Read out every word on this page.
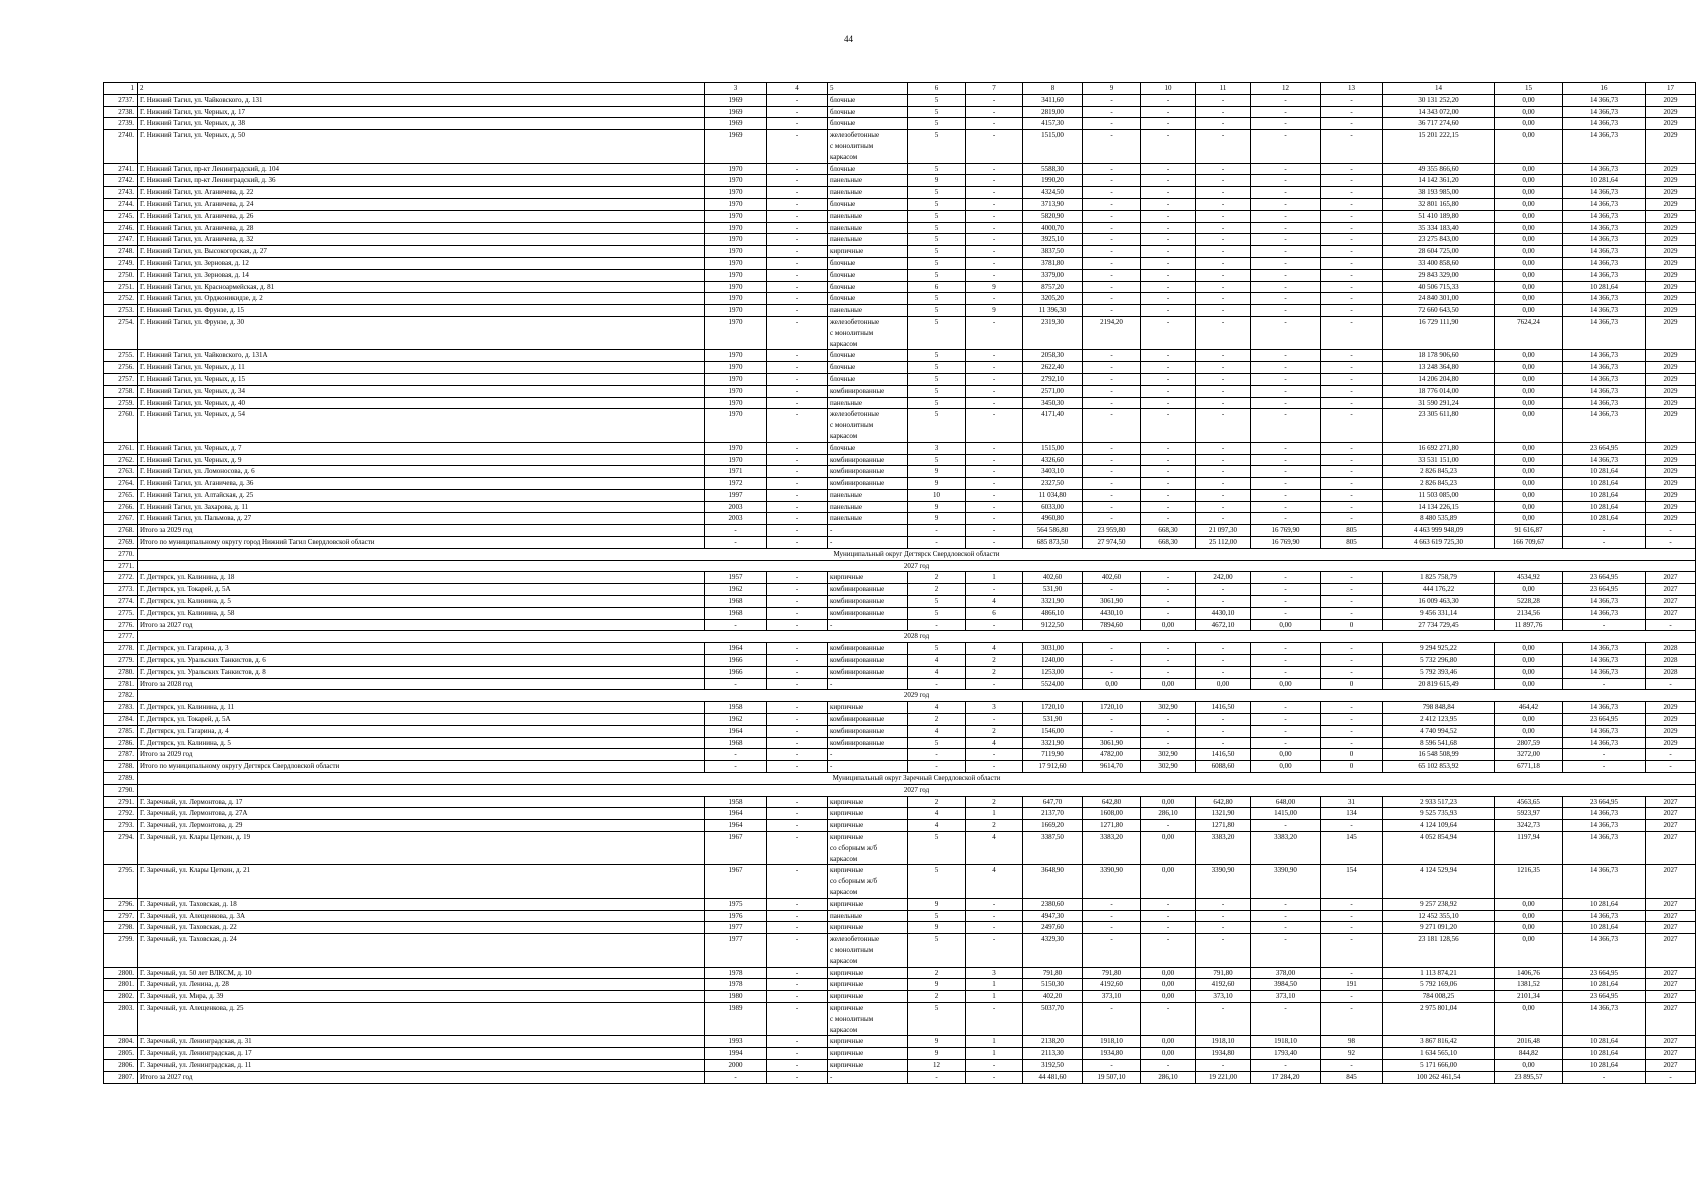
44
1	2	3	4	5	6	7	8	9	10	11	12	13	14	15	16	17
2737.	Г. Нижний Тагил, ул. Чайковского, д. 131	1969	-	блочные	5	-	3411,60	-	-	-	-	-	30 131 252,20	0,00	14 366,73	2029
2738.	Г. Нижний Тагил, ул. Черных, д. 17	1969	-	блочные	5	-	2819,00	-	-	-	-	-	14 343 072,00	0,00	14 366,73	2029
2739.	Г. Нижний Тагил, ул. Черных, д. 38	1969	-	блочные	5	-	4157,30	-	-	-	-	-	36 717 274,60	0,00	14 366,73	2029
2740.	Г. Нижний Тагил, ул. Черных, д. 50	1969	-	железобетонные
с монолитным
каркасом	5	-	1515,00	-	-	-	-	-	15 201 222,15	0,00	14 366,73	2029
2741.	Г. Нижний Тагил, пр-кт Ленинградский, д. 104	1970	-	блочные	5	-	5588,30	-	-	-	-	-	49 355 866,60	0,00	14 366,73	2029
2742.	Г. Нижний Тагил, пр-кт Ленинградский, д. 36	1970	-	панельные	9	-	1990,20	-	-	-	-	-	14 142 361,20	0,00	10 281,64	2029
2743.	Г. Нижний Тагил, ул. Аганичева, д. 22	1970	-	панельные	5	-	4324,50	-	-	-	-	-	38 193 985,00	0,00	14 366,73	2029
2744.	Г. Нижний Тагил, ул. Аганичева, д. 24	1970	-	блочные	5	-	3713,90	-	-	-	-	-	32 801 165,80	0,00	14 366,73	2029
2745.	Г. Нижний Тагил, ул. Аганичева, д. 26	1970	-	панельные	5	-	5820,90	-	-	-	-	-	51 410 189,80	0,00	14 366,73	2029
2746.	Г. Нижний Тагил, ул. Аганичева, д. 28	1970	-	панельные	5	-	4000,70	-	-	-	-	-	35 334 183,40	0,00	14 366,73	2029
2747.	Г. Нижний Тагил, ул. Аганичева, д. 32	1970	-	панельные	5	-	3925,10	-	-	-	-	-	23 275 843,00	0,00	14 366,73	2029
2748.	Г. Нижний Тагил, ул. Высокогорская, д. 27	1970	-	кирпичные	5	-	3837,50	-	-	-	-	-	28 604 725,00	0,00	14 366,73	2029
2749.	Г. Нижний Тагил, ул. Зерновая, д. 12	1970	-	блочные	5	-	3781,80	-	-	-	-	-	33 400 858,60	0,00	14 366,73	2029
2750.	Г. Нижний Тагил, ул. Зерновая, д. 14	1970	-	блочные	5	-	3379,00	-	-	-	-	-	29 843 329,00	0,00	14 366,73	2029
2751.	Г. Нижний Тагил, ул. Красноармейская, д. 81	1970	-	блочные	6	9	8757,20	-	-	-	-	-	40 506 715,33	0,00	10 281,64	2029
2752.	Г. Нижний Тагил, ул. Орджоникидзе, д. 2	1970	-	блочные	5	-	3205,20	-	-	-	-	-	24 840 301,00	0,00	14 366,73	2029
2753.	Г. Нижний Тагил, ул. Фрунзе, д. 15	1970	-	панельные	5	9	11 396,30	-	-	-	-	-	72 660 643,50	0,00	14 366,73	2029
2754.	Г. Нижний Тагил, ул. Фрунзе, д. 30	1970	-	железобетонные
с монолитным
каркасом	5	-	2319,30	2194,20	-	-	-	-	16 729 111,90	7624,24	14 366,73	2029
2755.	Г. Нижний Тагил, ул. Чайковского, д. 131А	1970	-	блочные	5	-	2058,30	-	-	-	-	-	18 178 906,60	0,00	14 366,73	2029
2756.	Г. Нижний Тагил, ул. Черных, д. 11	1970	-	блочные	5	-	2622,40	-	-	-	-	-	13 248 364,80	0,00	14 366,73	2029
2757.	Г. Нижний Тагил, ул. Черных, д. 15	1970	-	блочные	5	-	2792,10	-	-	-	-	-	14 206 204,80	0,00	14 366,73	2029
2758.	Г. Нижний Тагил, ул. Черных, д. 34	1970	-	комбинированные	5	-	2571,00	-	-	-	-	-	18 776 014,00	0,00	14 366,73	2029
2759.	Г. Нижний Тагил, ул. Черных, д. 40	1970	-	панельные	5	-	3450,30	-	-	-	-	-	31 590 291,24	0,00	14 366,73	2029
2760.	Г. Нижний Тагил, ул. Черных, д. 54	1970	-	железобетонные
с монолитным
каркасом	5	-	4171,40	-	-	-	-	-	23 305 611,80	0,00	14 366,73	2029
2761.	Г. Нижний Тагил, ул. Черных, д. 7	1970	-	блочные	3	-	1515,00	-	-	-	-	-	16 692 271,80	0,00	23 664,95	2029
2762.	Г. Нижний Тагил, ул. Черных, д. 9	1970	-	комбинированные	5	-	4326,60	-	-	-	-	-	33 531 151,00	0,00	14 366,73	2029
2763.	Г. Нижний Тагил, ул. Ломоносова, д. 6	1971	-	комбинированные	9	-	3403,10	-	-	-	-	-	2 826 845,23	0,00	10 281,64	2029
2764.	Г. Нижний Тагил, ул. Аганичева, д. 36	1972	-	комбинированные	9	-	2327,50	-	-	-	-	-	2 826 845,23	0,00	10 281,64	2029
2765.	Г. Нижний Тагил, ул. Алтайская, д. 25	1997	-	панельные	10	-	11 034,80	-	-	-	-	-	11 503 085,00	0,00	10 281,64	2029
2766.	Г. Нижний Тагил, ул. Захарова, д. 11	2003	-	панельные	9	-	6033,00	-	-	-	-	-	14 134 226,15	0,00	10 281,64	2029
2767.	Г. Нижний Тагил, ул. Пальмова, д. 27	2003	-	панельные	9	-	4960,80	-	-	-	-	-	8 480 535,89	0,00	10 281,64	2029
2768.	Итого за 2029 год	-	-	-	-	-	564 586,80	23 959,80	668,30	21 097,30	16 769,90	805	4 463 999 948,09	91 616,87	-	-
2769.	Итого по муниципальному округу город Нижний Тагил Свердловской области	-	-	-	-	-	685 873,50	27 974,50	668,30	25 112,00	16 769,90	805	4 663 619 725,30	166 709,67	-	-
2770.	Муниципальный округ Дегтярск Свердловской области															
2771.	2027 год															
2772.	Г. Дегтярск, ул. Калинина, д. 18	1957	-	кирпичные	2	1	402,60	402,60	-	242,00	-	-	1 825 758,79	4534,92	23 664,95	2027
2773.	Г. Дегтярск, ул. Токарей, д. 5А	1962	-	комбинированные	2	-	531,90	-	-	-	-	-	444 176,22	0,00	23 664,95	2027
2774.	Г. Дегтярск, ул. Калинина, д. 5	1968	-	комбинированные	5	4	3321,90	3061,90	-	-	-	-	16 009 463,30	5228,28	14 366,73	2027
2775.	Г. Дегтярск, ул. Калинина, д. 58	1968	-	комбинированные	5	6	4866,10	4430,10	-	4430,10	-	-	9 456 331,14	2134,56	14 366,73	2027
2776.	Итого за 2027 год	-	-	-	-	-	9122,50	7894,60	0,00	4672,10	0,00	0	27 734 729,45	11 897,76	-	-
2777.	2028 год															
2778.	Г. Дегтярск, ул. Гагарина, д. 3	1964	-	комбинированные	5	4	3031,00	-	-	-	-	-	9 294 925,22	0,00	14 366,73	2028
2779.	Г. Дегтярск, ул. Уральских Танкистов, д. 6	1966	-	комбинированные	4	2	1240,00	-	-	-	-	-	5 732 296,80	0,00	14 366,73	2028
2780.	Г. Дегтярск, ул. Уральских Танкистов, д. 8	1966	-	комбинированные	4	2	1253,00	-	-	-	-	-	5 792 393,46	0,00	14 366,73	2028
2781.	Итого за 2028 год	-	-	-	-	-	5524,00	0,00	0,00	0,00	0,00	0	20 819 615,49	0,00	-	-
2782.	2029 год															
2783.	Г. Дегтярск, ул. Калинина, д. 11	1958	-	кирпичные	4	3	1720,10	1720,10	302,90	1416,50	-	-	798 848,84	464,42	14 366,73	2029
2784.	Г. Дегтярск, ул. Токарей, д. 5А	1962	-	комбинированные	2	-	531,90	-	-	-	-	-	2 412 123,95	0,00	23 664,95	2029
2785.	Г. Дегтярск, ул. Гагарина, д. 4	1964	-	комбинированные	4	2	1546,00	-	-	-	-	-	4 740 994,52	0,00	14 366,73	2029
2786.	Г. Дегтярск, ул. Калинина, д. 5	1968	-	комбинированные	5	4	3321,90	3061,90	-	-	-	-	8 596 541,68	2807,59	14 366,73	2029
2787.	Итого за 2029 год	-	-	-	-	-	7119,90	4782,00	302,90	1416,50	0,00	0	16 548 508,99	3272,00	-	-
2788.	Итого по муниципальному округу Дегтярск Свердловской области	-	-	-	-	-	17 912,60	9614,70	302,90	6088,60	0,00	0	65 102 853,92	6771,18	-	-
2789.	Муниципальный округ Заречный Свердловской области															
2790.	2027 год															
2791.	Г. Заречный, ул. Лермонтова, д. 17	1958	-	кирпичные	2	2	647,70	642,80	0,00	642,80	648,00	31	2 933 517,23	4563,65	23 664,95	2027
2792.	Г. Заречный, ул. Лермонтова, д. 27А	1964	-	кирпичные	4	1	2137,70	1608,00	286,10	1321,90	1415,00	134	9 525 735,93	5923,97	14 366,73	2027
2793.	Г. Заречный, ул. Лермонтова, д. 29	1964	-	кирпичные	4	2	1669,20	1271,80	-	1271,80	-	-	4 124 109,64	3242,73	14 366,73	2027
2794.	Г. Заречный, ул. Клары Цеткин, д. 19	1967	-	кирпичные
со сборным ж/б
каркасом	5	4	3387,50	3383,20	0,00	3383,20	3383,20	145	4 052 854,94	1197,94	14 366,73	2027
2795.	Г. Заречный, ул. Клары Цеткин, д. 21	1967	-	кирпичные
со сборным ж/б
каркасом	5	4	3648,90	3390,90	0,00	3390,90	3390,90	154	4 124 529,94	1216,35	14 366,73	2027
2796.	Г. Заречный, ул. Таховская, д. 18	1975	-	кирпичные	9	-	2380,60	-	-	-	-	-	9 257 238,92	0,00	10 281,64	2027
2797.	Г. Заречный, ул. Алещенкова, д. 3А	1976	-	панельные	5	-	4947,30	-	-	-	-	-	12 452 355,10	0,00	14 366,73	2027
2798.	Г. Заречный, ул. Таховская, д. 22	1977	-	кирпичные	9	-	2497,60	-	-	-	-	-	9 271 091,20	0,00	10 281,64	2027
2799.	Г. Заречный, ул. Таховская, д. 24	1977	-	железобетонные
с монолитным
каркасом	5	-	4329,30	-	-	-	-	-	23 181 128,56	0,00	14 366,73	2027
2800.	Г. Заречный, ул. 50 лет ВЛКСМ, д. 10	1978	-	кирпичные	2	3	791,80	791,80	0,00	791,80	378,00	-	1 113 874,21	1406,76	23 664,95	2027
2801.	Г. Заречный, ул. Ленина, д. 28	1978	-	кирпичные	9	1	5150,30	4192,60	0,00	4192,60	3984,50	191	5 792 169,06	1381,52	10 281,64	2027
2802.	Г. Заречный, ул. Мира, д. 39	1980	-	кирпичные	2	1	402,20	373,10	0,00	373,10	373,10	-	784 008,25	2101,34	23 664,95	2027
2803.	Г. Заречный, ул. Алещенкова, д. 25	1989	-	кирпичные
с монолитным
каркасом	5	-	5037,70	-	-	-	-	-	2 975 801,04	0,00	14 366,73	2027
2804.	Г. Заречный, ул. Ленинградская, д. 31	1993	-	кирпичные	9	1	2138,20	1918,10	0,00	1918,10	1918,10	98	3 867 816,42	2016,48	10 281,64	2027
2805.	Г. Заречный, ул. Ленинградская, д. 17	1994	-	кирпичные	9	1	2113,30	1934,80	0,00	1934,80	1793,40	92	1 634 565,10	844,82	10 281,64	2027
2806.	Г. Заречный, ул. Ленинградская, д. 11	2000	-	кирпичные	12	-	3192,50	-	-	-	-	-	5 171 666,00	0,00	10 281,64	2027
2807.	Итого за 2027 год	-	-	-	-	-	44 481,60	19 507,10	286,10	19 221,00	17 284,20	845	100 262 461,54	23 895,57	-	-
